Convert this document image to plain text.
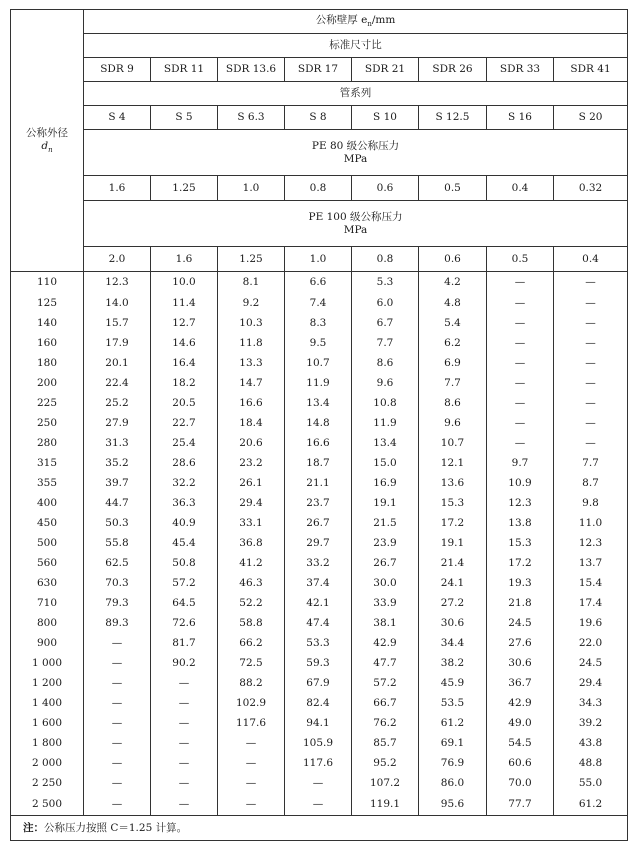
公称外径
$d_n$	公称壁厚 $e_n/mm$							
	标准尺寸比							
	SDR 9	SDR 11	SDR 13.6	SDR 17	SDR 21	SDR 26	SDR 33	SDR 41
	管系列							
	S 4	S 5	S 6.3	S 8	S 10	S 12.5	S 16	S 20
	PE 80 级公称压力
MPa							
	1.6	1.25	1.0	0.8	0.6	0.5	0.4	0.32
	PE 100 级公称压力
MPa							
	2.0	1.6	1.25	1.0	0.8	0.6	0.5	0.4
110	12.3	10.0	8.1	6.6	5.3	4.2	—	—
125	14.0	11.4	9.2	7.4	6.0	4.8	—	—
140	15.7	12.7	10.3	8.3	6.7	5.4	—	—
160	17.9	14.6	11.8	9.5	7.7	6.2	—	—
180	20.1	16.4	13.3	10.7	8.6	6.9	—	—
200	22.4	18.2	14.7	11.9	9.6	7.7	—	—
225	25.2	20.5	16.6	13.4	10.8	8.6	—	—
250	27.9	22.7	18.4	14.8	11.9	9.6	—	—
280	31.3	25.4	20.6	16.6	13.4	10.7	—	—
315	35.2	28.6	23.2	18.7	15.0	12.1	9.7	7.7
355	39.7	32.2	26.1	21.1	16.9	13.6	10.9	8.7
400	44.7	36.3	29.4	23.7	19.1	15.3	12.3	9.8
450	50.3	40.9	33.1	26.7	21.5	17.2	13.8	11.0
500	55.8	45.4	36.8	29.7	23.9	19.1	15.3	12.3
560	62.5	50.8	41.2	33.2	26.7	21.4	17.2	13.7
630	70.3	57.2	46.3	37.4	30.0	24.1	19.3	15.4
710	79.3	64.5	52.2	42.1	33.9	27.2	21.8	17.4
800	89.3	72.6	58.8	47.4	38.1	30.6	24.5	19.6
900	—	81.7	66.2	53.3	42.9	34.4	27.6	22.0
1 000	—	90.2	72.5	59.3	47.7	38.2	30.6	24.5
1 200	—	—	88.2	67.9	57.2	45.9	36.7	29.4
1 400	—	—	102.9	82.4	66.7	53.5	42.9	34.3
1 600	—	—	117.6	94.1	76.2	61.2	49.0	39.2
1 800	—	—	—	105.9	85.7	69.1	54.5	43.8
2 000	—	—	—	117.6	95.2	76.9	60.6	48.8
2 250	—	—	—	—	107.2	86.0	70.0	55.0
2 500	—	—	—	—	119.1	95.6	77.7	61.2
注：公称压力按照 C＝1.25 计算。								
